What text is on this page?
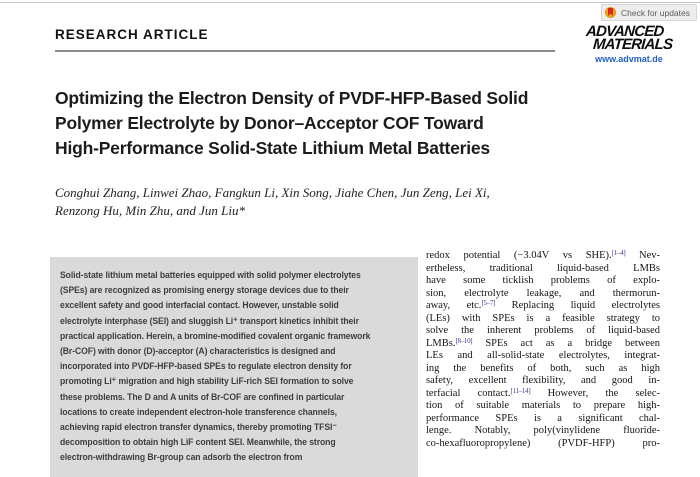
Check for updates
RESEARCH ARTICLE	ADVANCED
MATERIALS
www.advmat.de
Optimizing the Electron Density of PVDF-HFP-Based Solid
Polymer Electrolyte by Donor–Acceptor COF Toward
High-Performance Solid-State Lithium Metal Batteries
Conghui Zhang, Linwei Zhao, Fangkun Li, Xin Song, Jiahe Chen, Jun Zeng, Lei Xi,
Renzong Hu, Min Zhu, and Jun Liu*
Solid-state lithium metal batteries equipped with solid polymer electrolytes
(SPEs) are recognized as promising energy storage devices due to their
excellent safety and good interfacial contact. However, unstable solid
electrolyte interphase (SEI) and sluggish Li⁺ transport kinetics inhibit their
practical application. Herein, a bromine-modified covalent organic framework
(Br-COF) with donor (D)-acceptor (A) characteristics is designed and
incorporated into PVDF-HFP-based SPEs to regulate electron density for
promoting Li⁺ migration and high stability LiF-rich SEI formation to solve
these problems. The D and A units of Br-COF are confined in particular
locations to create independent electron-hole transference channels,
achieving rapid electron transfer dynamics, thereby promoting TFSI⁻
decomposition to obtain high LiF content SEI. Meanwhile, the strong
electron-withdrawing Br-group can adsorb the electron from
redox potential (−3.04V vs SHE).[1–4] Nev-
ertheless, traditional liquid-based LMBs
have some ticklish problems of explo-
sion, electrolyte leakage, and thermorun-
away, etc.[5–7] Replacing liquid electrolytes
(LEs) with SPEs is a feasible strategy to
solve the inherent problems of liquid-based
LMBs.[8–10] SPEs act as a bridge between
LEs and all-solid-state electrolytes, integrat-
ing the benefits of both, such as high
safety, excellent flexibility, and good in-
terfacial contact.[11–14] However, the selec-
tion of suitable materials to prepare high-
performance SPEs is a significant chal-
lenge. Notably, poly(vinylidene fluoride-
co-hexafluoropropylene) (PVDF-HFP) pro-
